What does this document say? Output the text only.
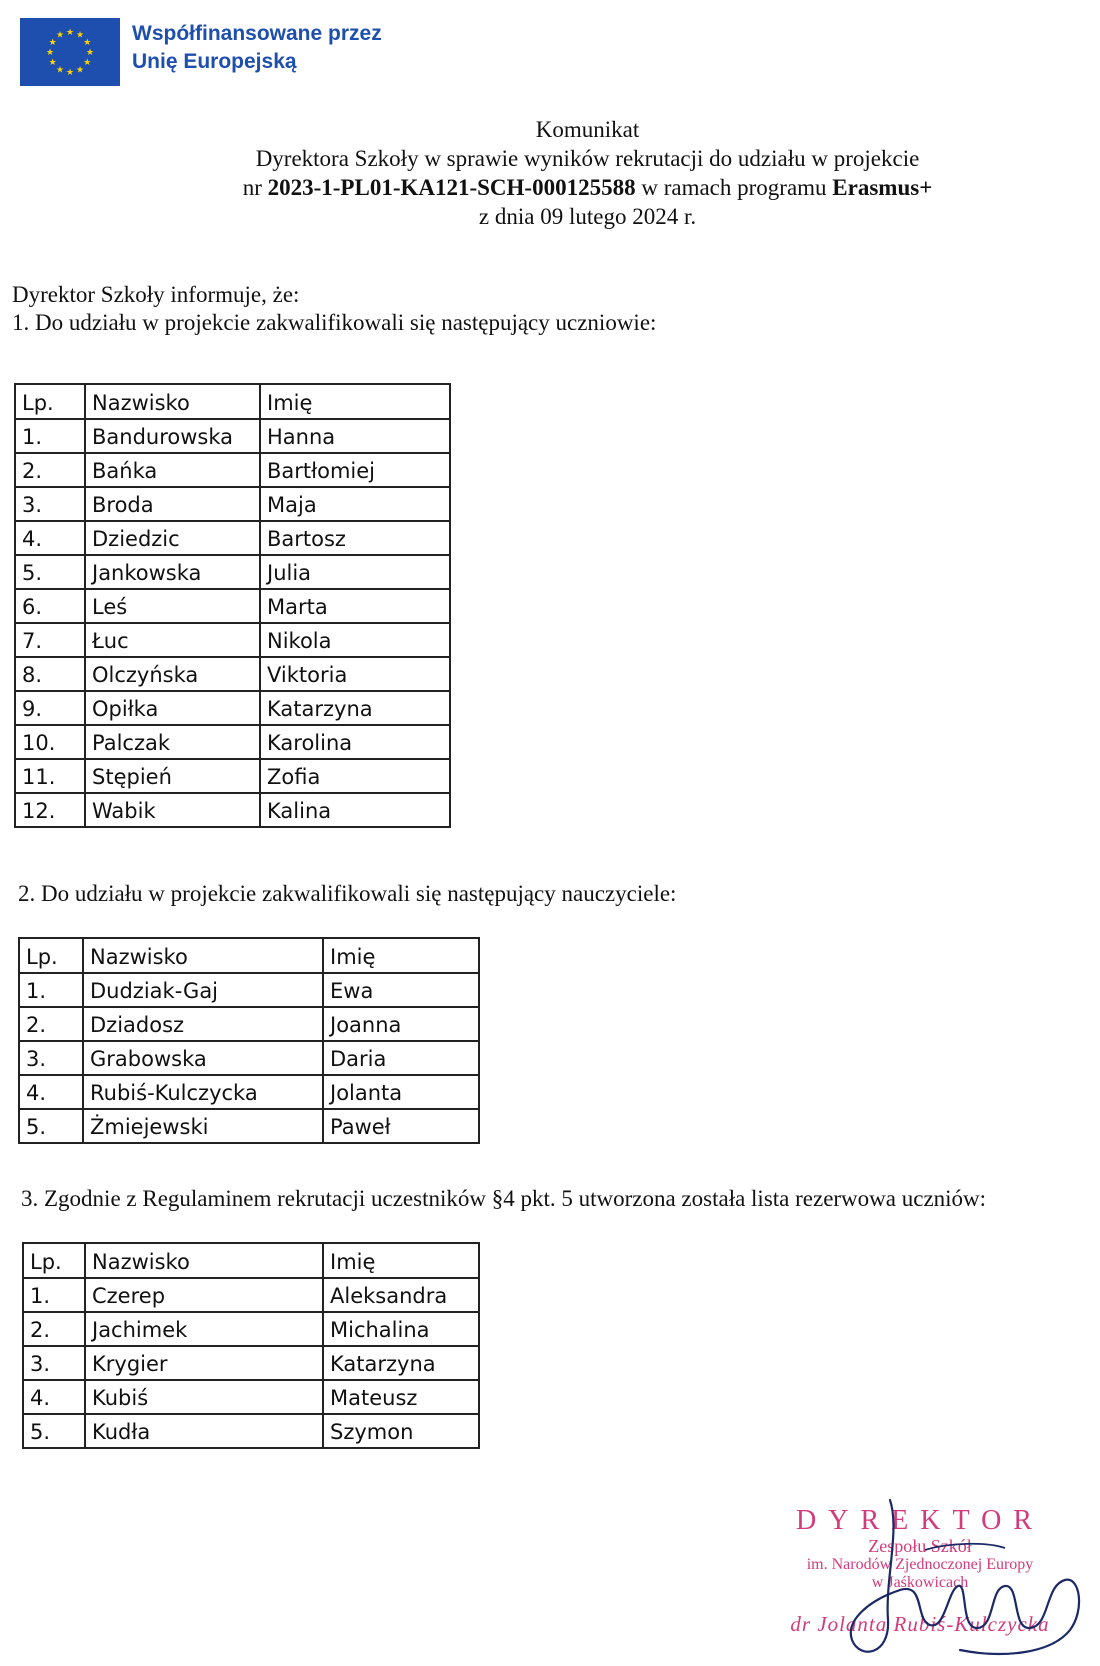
★ ★
★
★
★
★
★
★
★
★
★
★	Współfinansowane przez
Unię Europejską
Komunikat
Dyrektora Szkoły w sprawie wyników rekrutacji do udziału w projekcie
nr 2023-1-PL01-KA121-SCH-000125588 w ramach programu Erasmus+
z dnia 09 lutego 2024 r.
Dyrektor Szkoły informuje, że:
1. Do udziału w projekcie zakwalifikowali się następujący uczniowie:
Lp.	Nazwisko	Imię
1.	Bandurowska	Hanna
2.	Bańka	Bartłomiej
3.	Broda	Maja
4.	Dziedzic	Bartosz
5.	Jankowska	Julia
6.	Leś	Marta
7.	Łuc	Nikola
8.	Olczyńska	Viktoria
9.	Opiłka	Katarzyna
10.	Palczak	Karolina
11.	Stępień	Zofia
12.	Wabik	Kalina
2. Do udziału w projekcie zakwalifikowali się następujący nauczyciele:
Lp.	Nazwisko	Imię
1.	Dudziak-Gaj	Ewa
2.	Dziadosz	Joanna
3.	Grabowska	Daria
4.	Rubiś-Kulczycka	Jolanta
5.	Żmiejewski	Paweł
3. Zgodnie z Regulaminem rekrutacji uczestników §4 pkt. 5 utworzona została lista rezerwowa uczniów:
Lp.	Nazwisko	Imię
1.	Czerep	Aleksandra
2.	Jachimek	Michalina
3.	Krygier	Katarzyna
4.	Kubiś	Mateusz
5.	Kudła	Szymon
DYREKTOR
Zespołu Szkół
im. Narodów Zjednoczonej Europy
w Jaśkowicach
dr Jolanta Rubiś-Kulczycka
